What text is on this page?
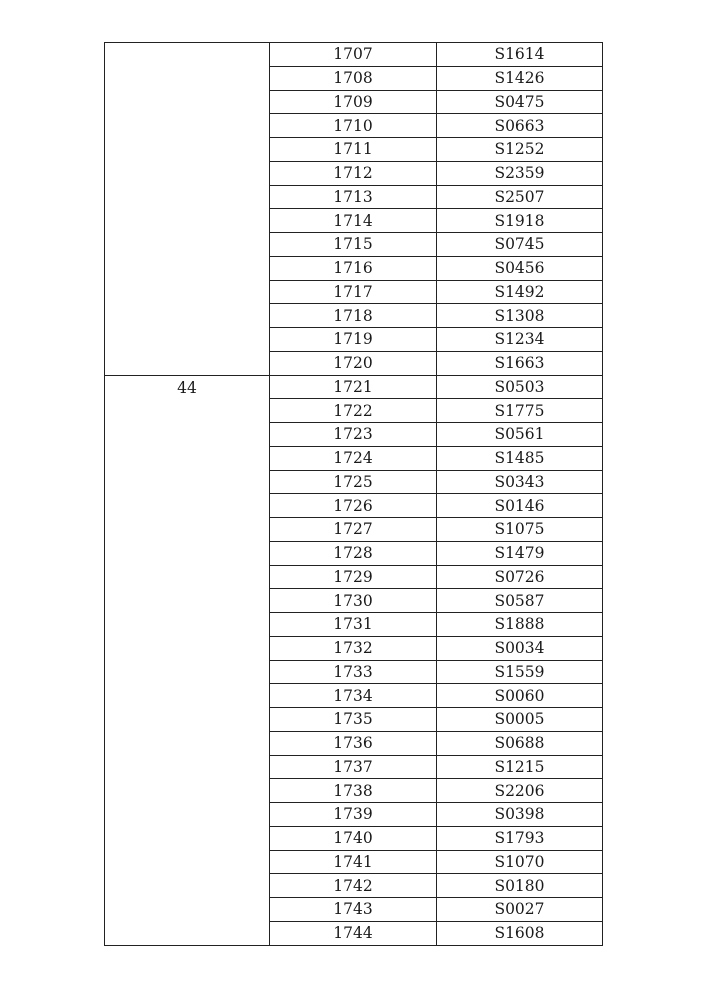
	1707	S1614
	1708	S1426
	1709	S0475
	1710	S0663
	1711	S1252
	1712	S2359
	1713	S2507
	1714	S1918
	1715	S0745
	1716	S0456
	1717	S1492
	1718	S1308
	1719	S1234
	1720	S1663
44	1721	S0503
	1722	S1775
	1723	S0561
	1724	S1485
	1725	S0343
	1726	S0146
	1727	S1075
	1728	S1479
	1729	S0726
	1730	S0587
	1731	S1888
	1732	S0034
	1733	S1559
	1734	S0060
	1735	S0005
	1736	S0688
	1737	S1215
	1738	S2206
	1739	S0398
	1740	S1793
	1741	S1070
	1742	S0180
	1743	S0027
	1744	S1608
